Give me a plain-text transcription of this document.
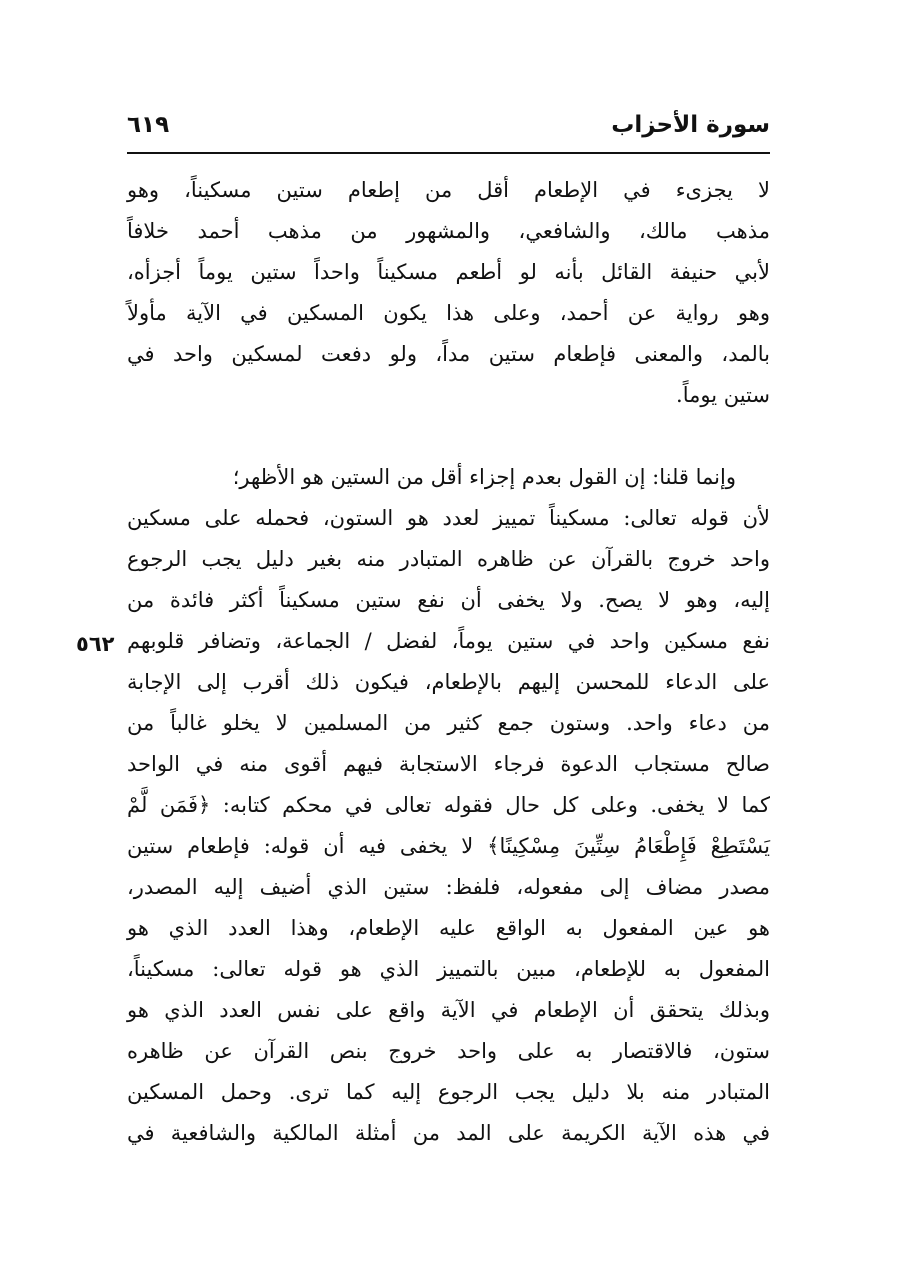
سورة الأحزاب
٦١٩
٥٦٢
لا يجزىء في الإطعام أقل من إطعام ستين مسكيناً، وهو
مذهب مالك، والشافعي، والمشهور من مذهب أحمد خلافاً
لأبي حنيفة القائل بأنه لو أطعم مسكيناً واحداً ستين يوماً أجزأه،
وهو رواية عن أحمد، وعلى هذا يكون المسكين في الآية مأولاً
بالمد، والمعنى فإطعام ستين مداً، ولو دفعت لمسكين واحد في
ستين يوماً.
وإنما قلنا: إن القول بعدم إجزاء أقل من الستين هو الأظهر؛
لأن قوله تعالى: مسكيناً تمييز لعدد هو الستون، فحمله على مسكين
واحد خروج بالقرآن عن ظاهره المتبادر منه بغير دليل يجب الرجوع
إليه، وهو لا يصح. ولا يخفى أن نفع ستين مسكيناً أكثر فائدة من
نفع مسكين واحد في ستين يوماً، لفضل / الجماعة، وتضافر قلوبهم
على الدعاء للمحسن إليهم بالإطعام، فيكون ذلك أقرب إلى الإجابة
من دعاء واحد. وستون جمع كثير من المسلمين لا يخلو غالباً من
صالح مستجاب الدعوة فرجاء الاستجابة فيهم أقوى منه في الواحد
كما لا يخفى. وعلى كل حال فقوله تعالى في محكم كتابه: ﴿فَمَن لَّمْ
يَسْتَطِعْ فَإِطْعَامُ سِتِّينَ مِسْكِينًا﴾ لا يخفى فيه أن قوله: فإطعام ستين
مصدر مضاف إلى مفعوله، فلفظ: ستين الذي أضيف إليه المصدر،
هو عين المفعول به الواقع عليه الإطعام، وهذا العدد الذي هو
المفعول به للإطعام، مبين بالتمييز الذي هو قوله تعالى: مسكيناً،
وبذلك يتحقق أن الإطعام في الآية واقع على نفس العدد الذي هو
ستون، فالاقتصار به على واحد خروج بنص القرآن عن ظاهره
المتبادر منه بلا دليل يجب الرجوع إليه كما ترى. وحمل المسكين
في هذه الآية الكريمة على المد من أمثلة المالكية والشافعية في
